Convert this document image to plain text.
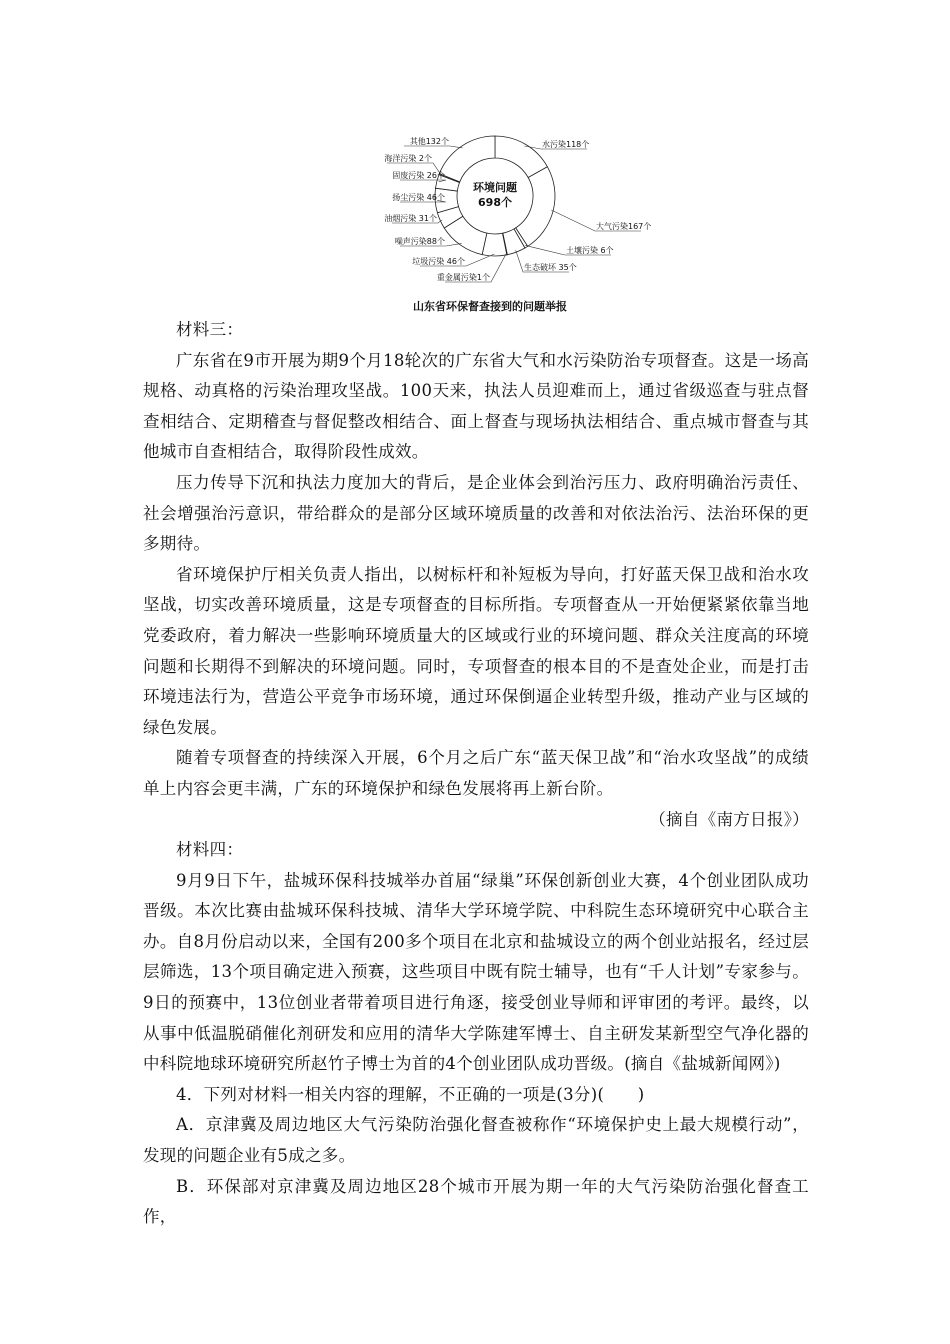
水污染118个
大气污染167个
土壤污染 6个
生态破坏 35个
重金属污染1个
垃圾污染 46个
噪声污染88个
油烟污染 31个
扬尘污染 46个
固废污染 26个
海洋污染 2个
其他132个
环境问题
698个
山东省环保督查接到的问题举报

材料三：

广东省在9市开展为期9个月18轮次的广东省大气和水污染防治专项督查。这是一场高规格、动真格的污染治理攻坚战。100天来，执法人员迎难而上，通过省级巡查与驻点督查相结合、定期稽查与督促整改相结合、面上督查与现场执法相结合、重点城市督查与其他城市自查相结合，取得阶段性成效。

压力传导下沉和执法力度加大的背后，是企业体会到治污压力、政府明确治污责任、社会增强治污意识，带给群众的是部分区域环境质量的改善和对依法治污、法治环保的更多期待。

省环境保护厅相关负责人指出，以树标杆和补短板为导向，打好蓝天保卫战和治水攻坚战，切实改善环境质量，这是专项督查的目标所指。专项督查从一开始便紧紧依靠当地党委政府，着力解决一些影响环境质量大的区域或行业的环境问题、群众关注度高的环境问题和长期得不到解决的环境问题。同时，专项督查的根本目的不是查处企业，而是打击环境违法行为，营造公平竞争市场环境，通过环保倒逼企业转型升级，推动产业与区域的绿色发展。

随着专项督查的持续深入开展，6个月之后广东“蓝天保卫战”和“治水攻坚战”的成绩单上内容会更丰满，广东的环境保护和绿色发展将再上新台阶。

（摘自《南方日报》）

材料四：

9月9日下午，盐城环保科技城举办首届“绿巢”环保创新创业大赛，4个创业团队成功晋级。本次比赛由盐城环保科技城、清华大学环境学院、中科院生态环境研究中心联合主办。自8月份启动以来，全国有200多个项目在北京和盐城设立的两个创业站报名，经过层层筛选，13个项目确定进入预赛，这些项目中既有院士辅导，也有“千人计划”专家参与。9日的预赛中，13位创业者带着项目进行角逐，接受创业导师和评审团的考评。最终，以从事中低温脱硝催化剂研发和应用的清华大学陈建军博士、自主研发某新型空气净化器的中科院地球环境研究所赵竹子博士为首的4个创业团队成功晋级。(摘自《盐城新闻网》)

4．下列对材料一相关内容的理解，不正确的一项是(3分)(　　)

A．京津冀及周边地区大气污染防治强化督查被称作“环境保护史上最大规模行动”，发现的问题企业有5成之多。

B．环保部对京津冀及周边地区28个城市开展为期一年的大气污染防治强化督查工作，
